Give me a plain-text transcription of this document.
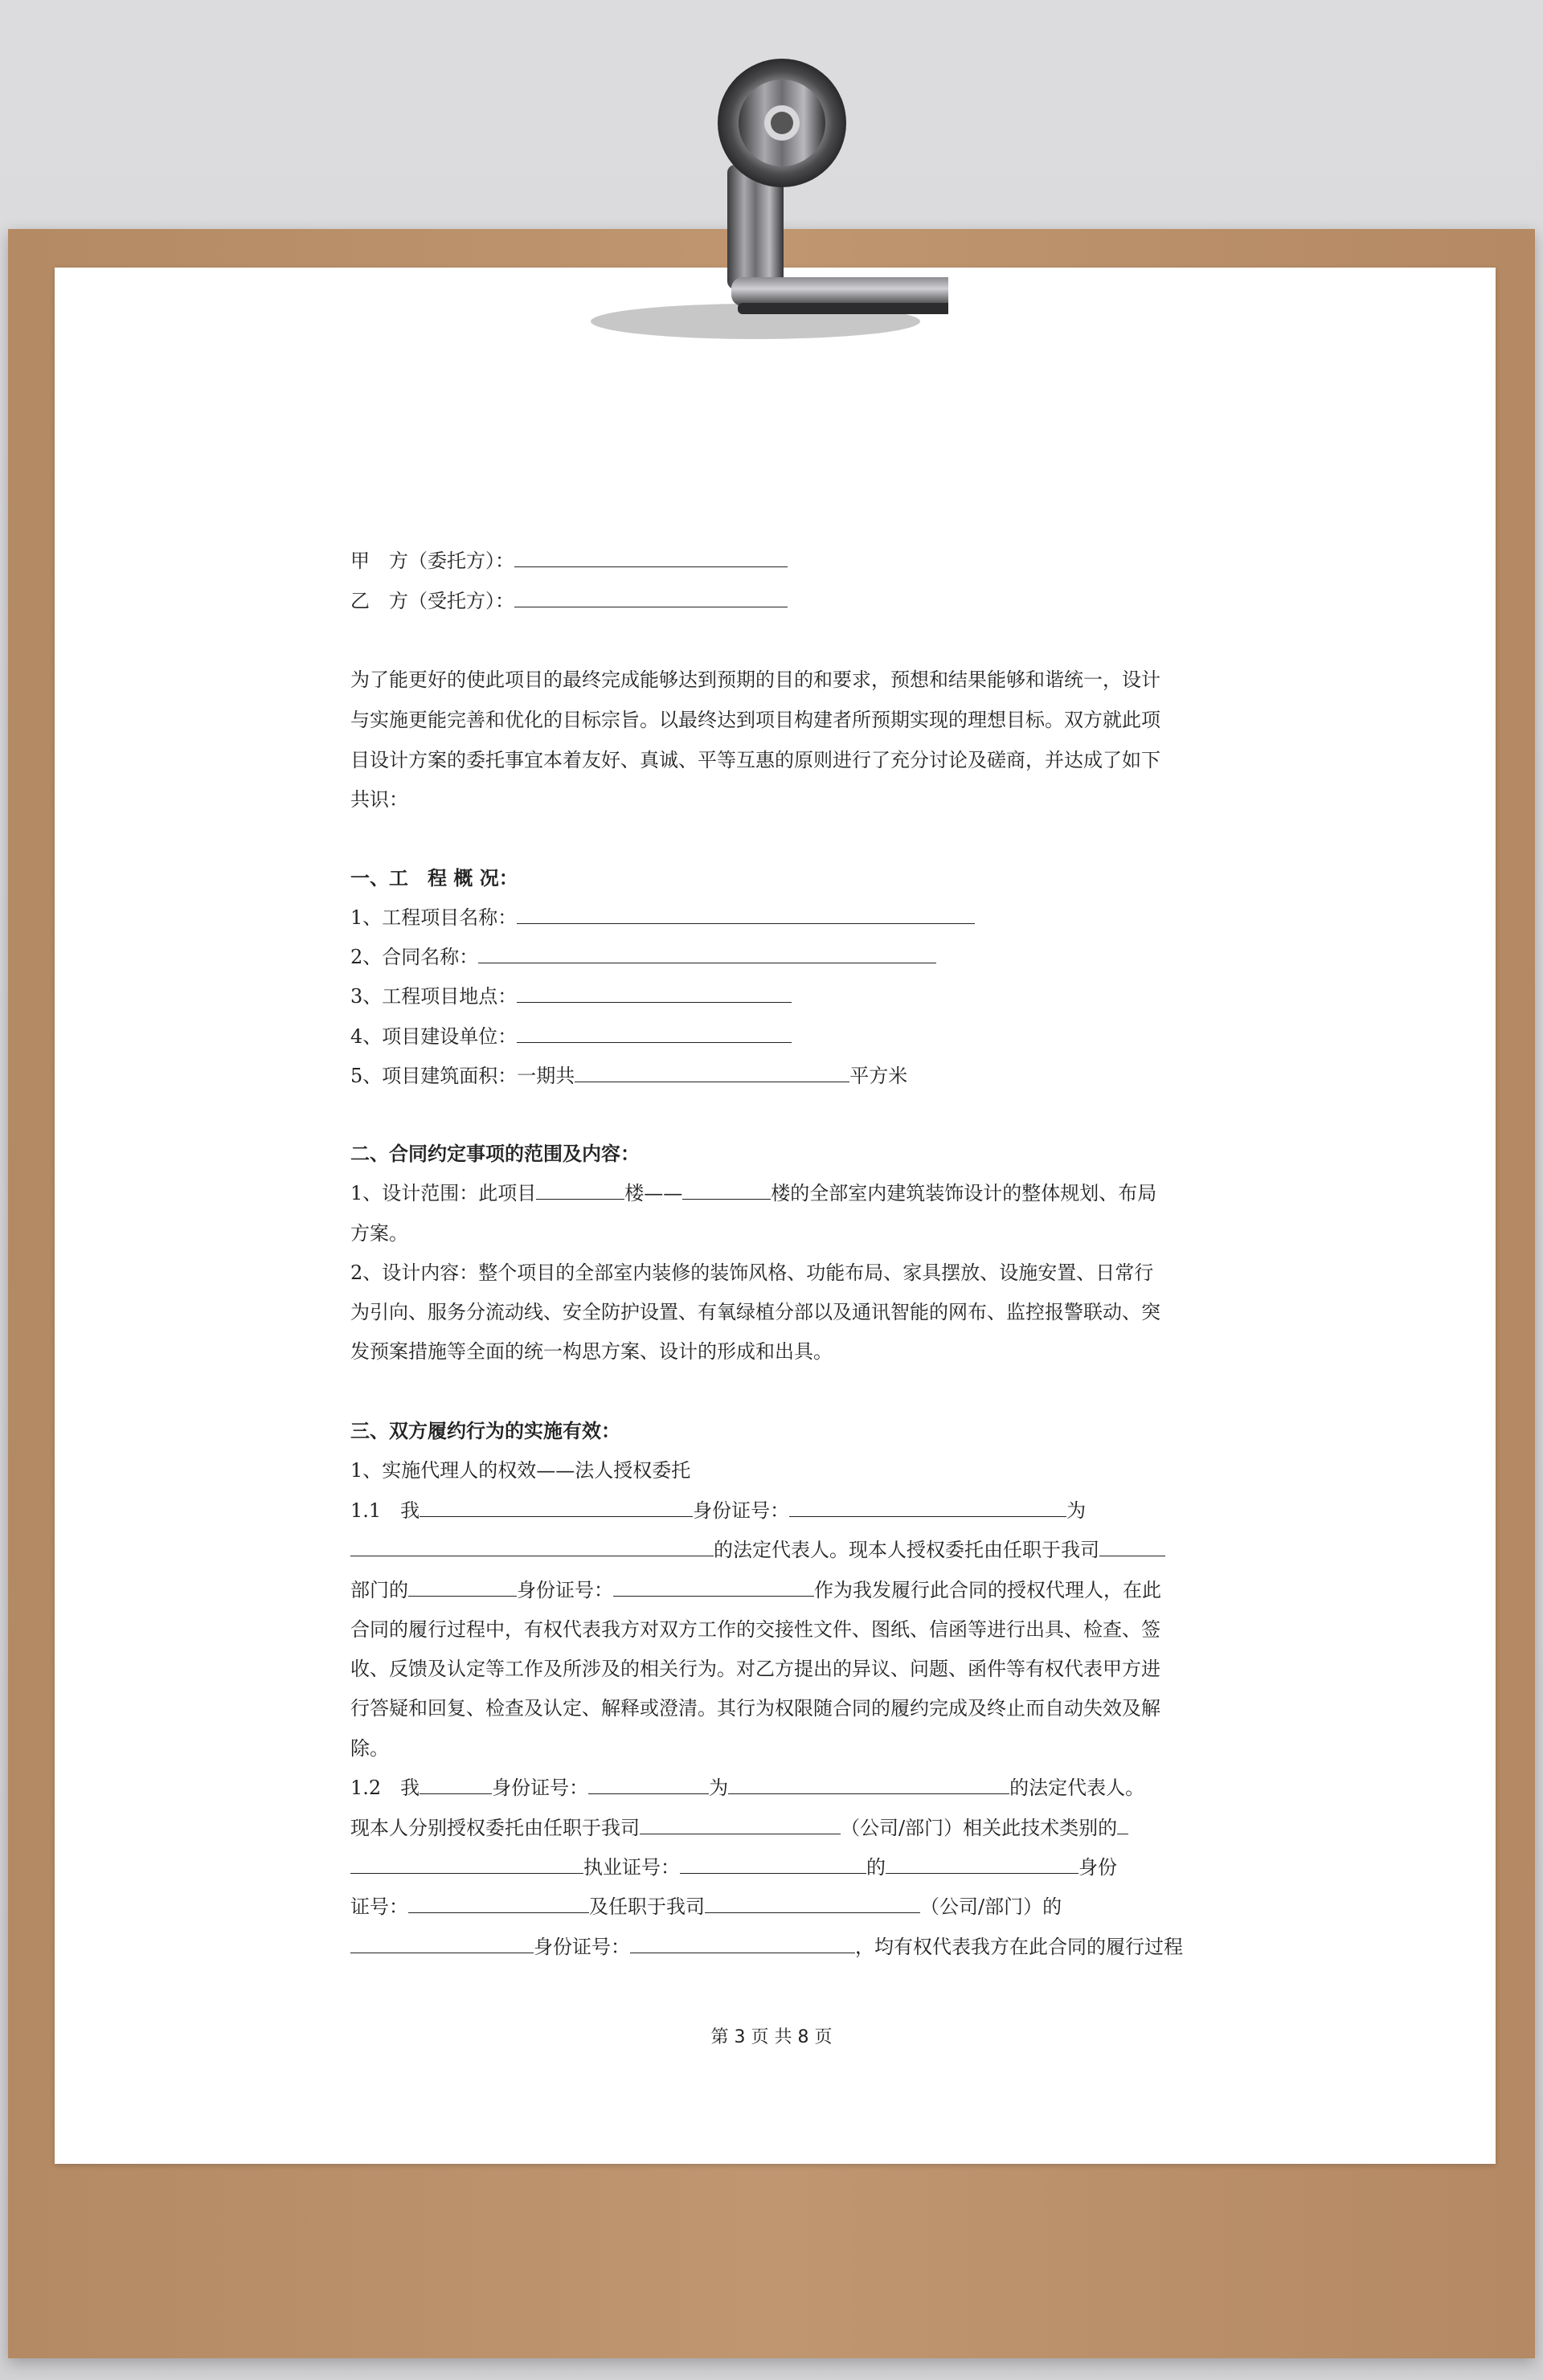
甲　方（委托方）：
乙　方（受托方）：
为了能更好的使此项目的最终完成能够达到预期的目的和要求，预想和结果能够和谐统一，设计
与实施更能完善和优化的目标宗旨。以最终达到项目构建者所预期实现的理想目标。双方就此项
目设计方案的委托事宜本着友好、真诚、平等互惠的原则进行了充分讨论及磋商，并达成了如下
共识：
一、工　程 概 况：
1、工程项目名称：
2、合同名称：
3、工程项目地点：
4、项目建设单位：
5、项目建筑面积：一期共	平方米
二、合同约定事项的范围及内容：
1、设计范围：此项目	楼——	楼的全部室内建筑装饰设计的整体规划、布局
方案。
2、设计内容：整个项目的全部室内装修的装饰风格、功能布局、家具摆放、设施安置、日常行
为引向、服务分流动线、安全防护设置、有氧绿植分部以及通讯智能的网布、监控报警联动、突
发预案措施等全面的统一构思方案、设计的形成和出具。
三、双方履约行为的实施有效：
1、实施代理人的权效——法人授权委托
1.1　我	身份证号：	为
的法定代表人。现本人授权委托由任职于我司
部门的	身份证号：	作为我发履行此合同的授权代理人，在此
合同的履行过程中，有权代表我方对双方工作的交接性文件、图纸、信函等进行出具、检查、签
收、反馈及认定等工作及所涉及的相关行为。对乙方提出的异议、问题、函件等有权代表甲方进
行答疑和回复、检查及认定、解释或澄清。其行为权限随合同的履约完成及终止而自动失效及解
除。
1.2　我	身份证号：	为	的法定代表人。
现本人分别授权委托由任职于我司	（公司/部门）相关此技术类别的
执业证号：	的	身份
证号：	及任职于我司	（公司/部门）的
身份证号：	，均有权代表我方在此合同的履行过程
第 3 页 共 8 页
